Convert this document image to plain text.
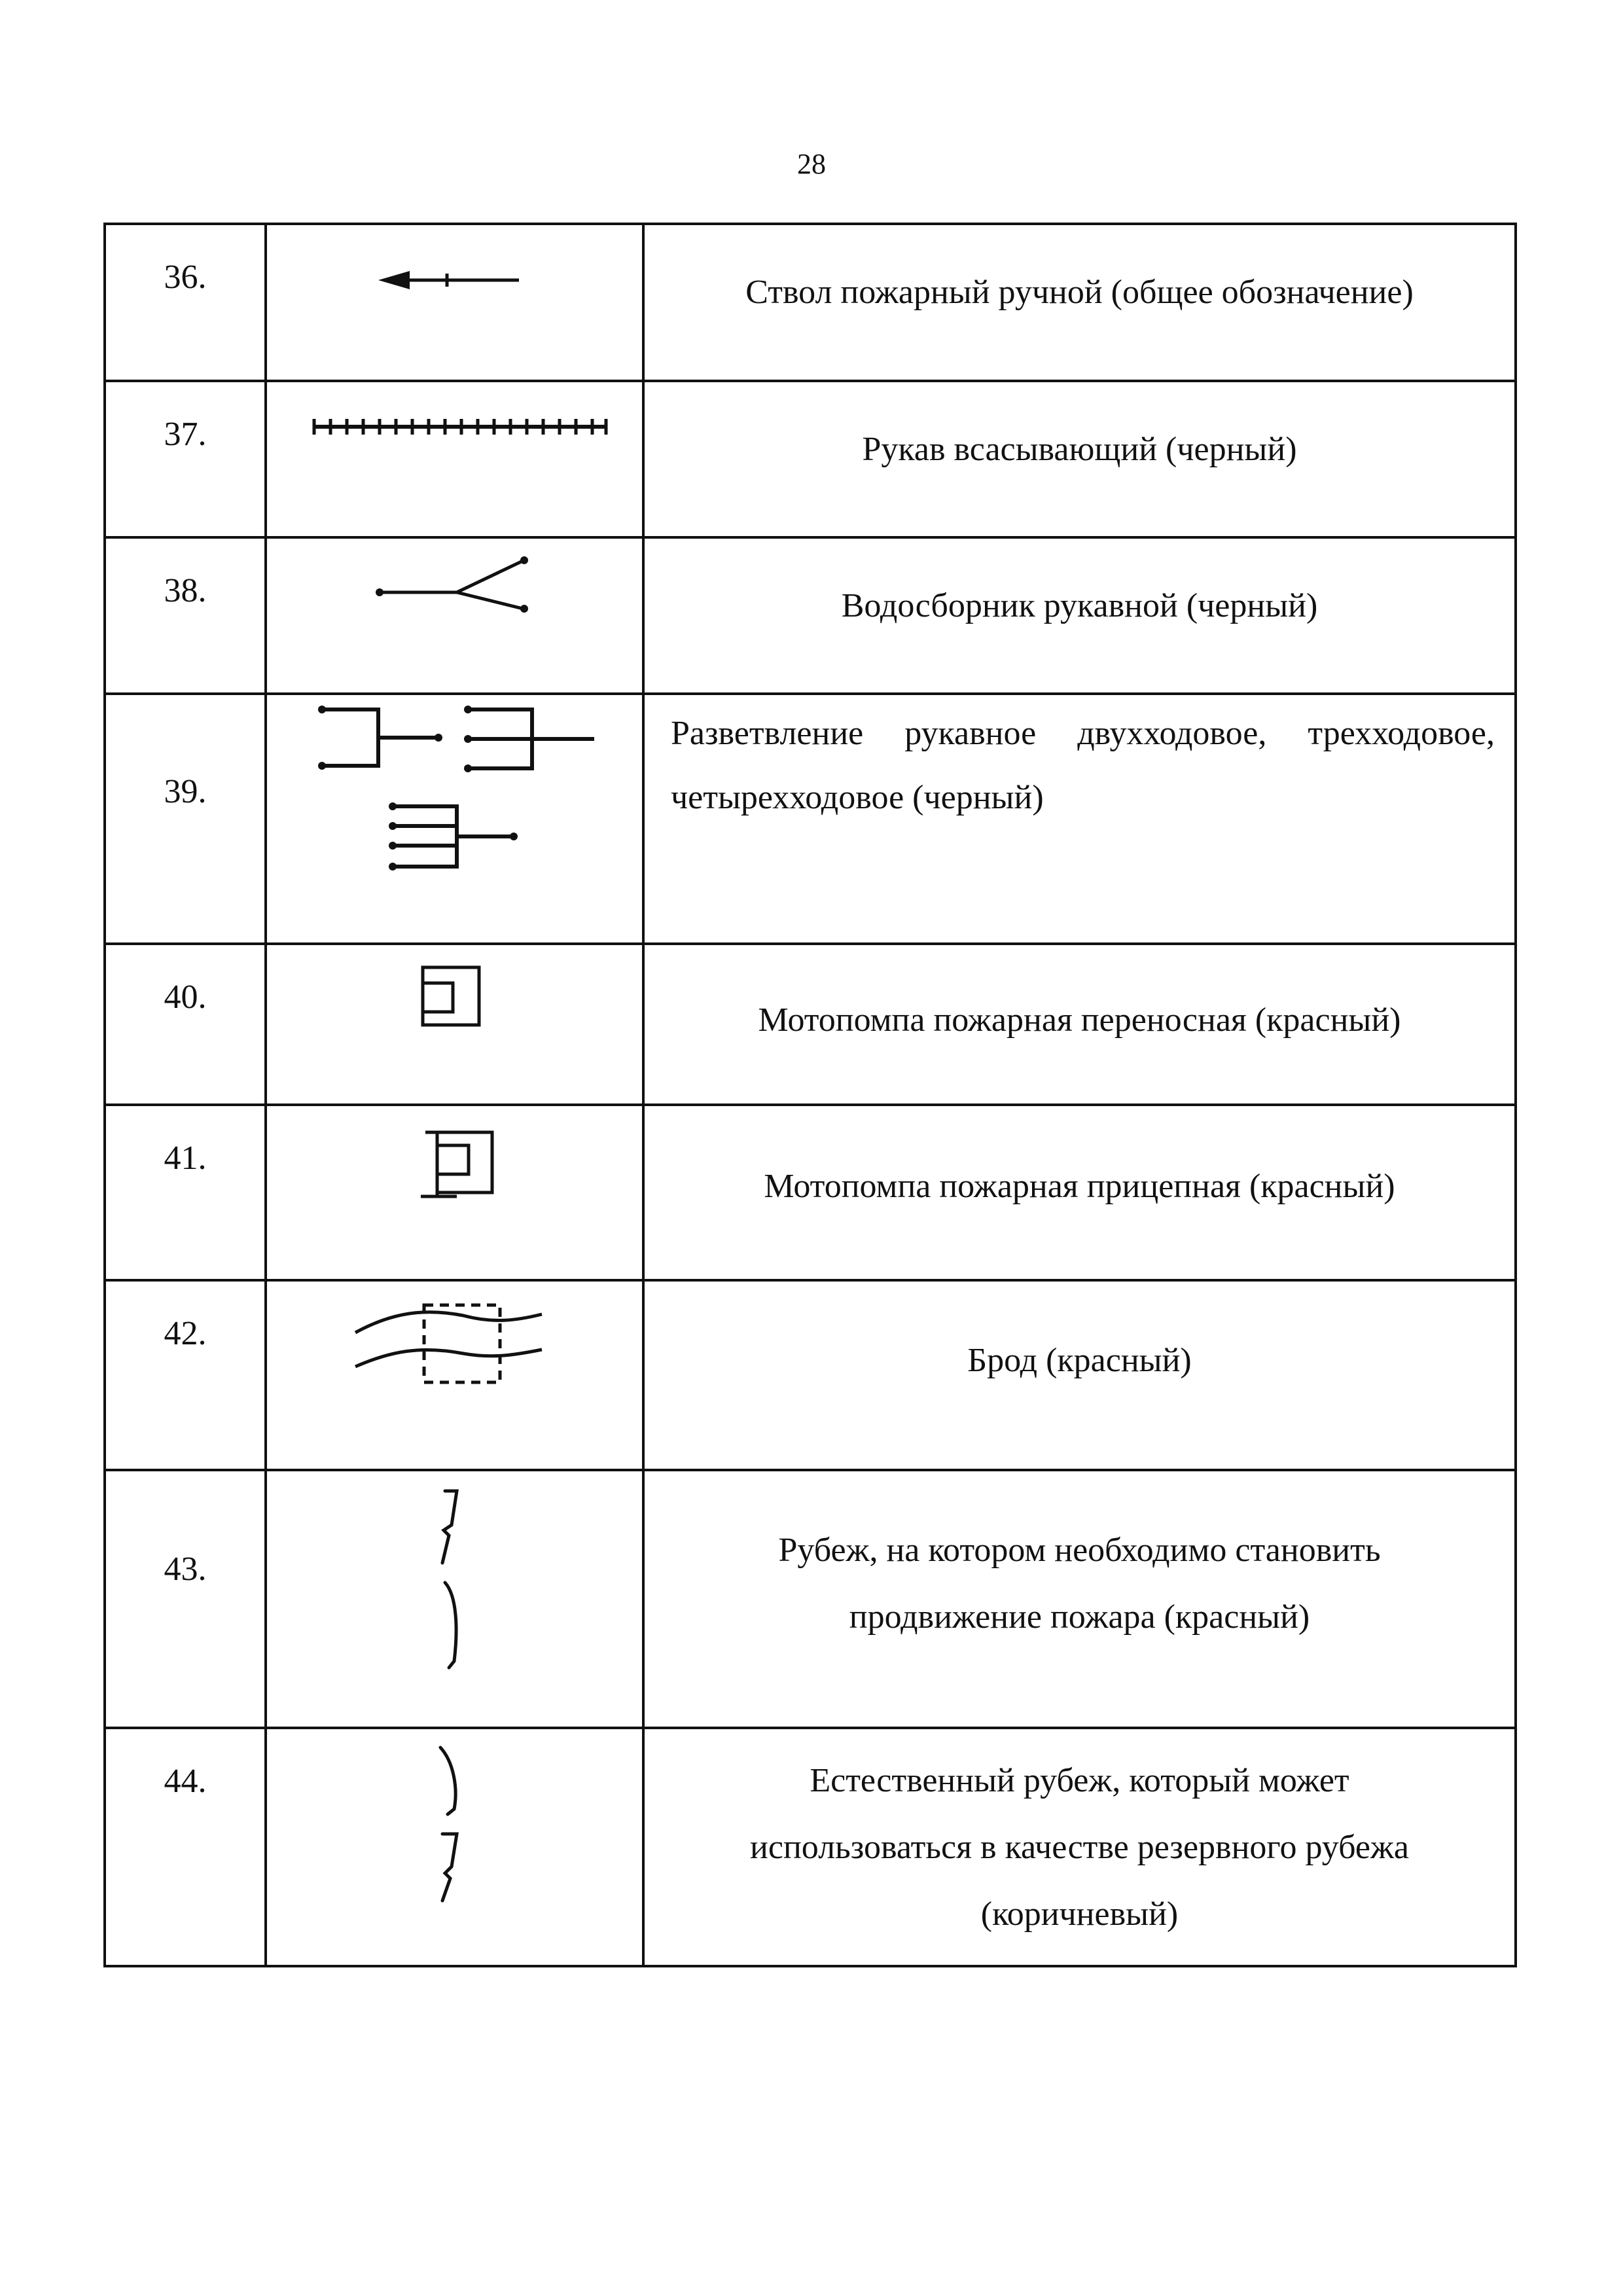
28
36.		Ствол пожарный ручной (общее обозначение)
37.		Рукав всасывающий (черный)
38.		Водосборник рукавной (черный)
39.		Разветвление рукавное двухходовое, трехходовое, четырехходовое (черный)
40.		Мотопомпа пожарная переносная (красный)
41.		Мотопомпа пожарная прицепная (красный)
42.		Брод (красный)
43.		Рубеж, на котором необходимо становить
продвижение пожара (красный)

44.		Естественный рубеж, который может
использоваться в качестве резервного рубежа
(коричневый)
